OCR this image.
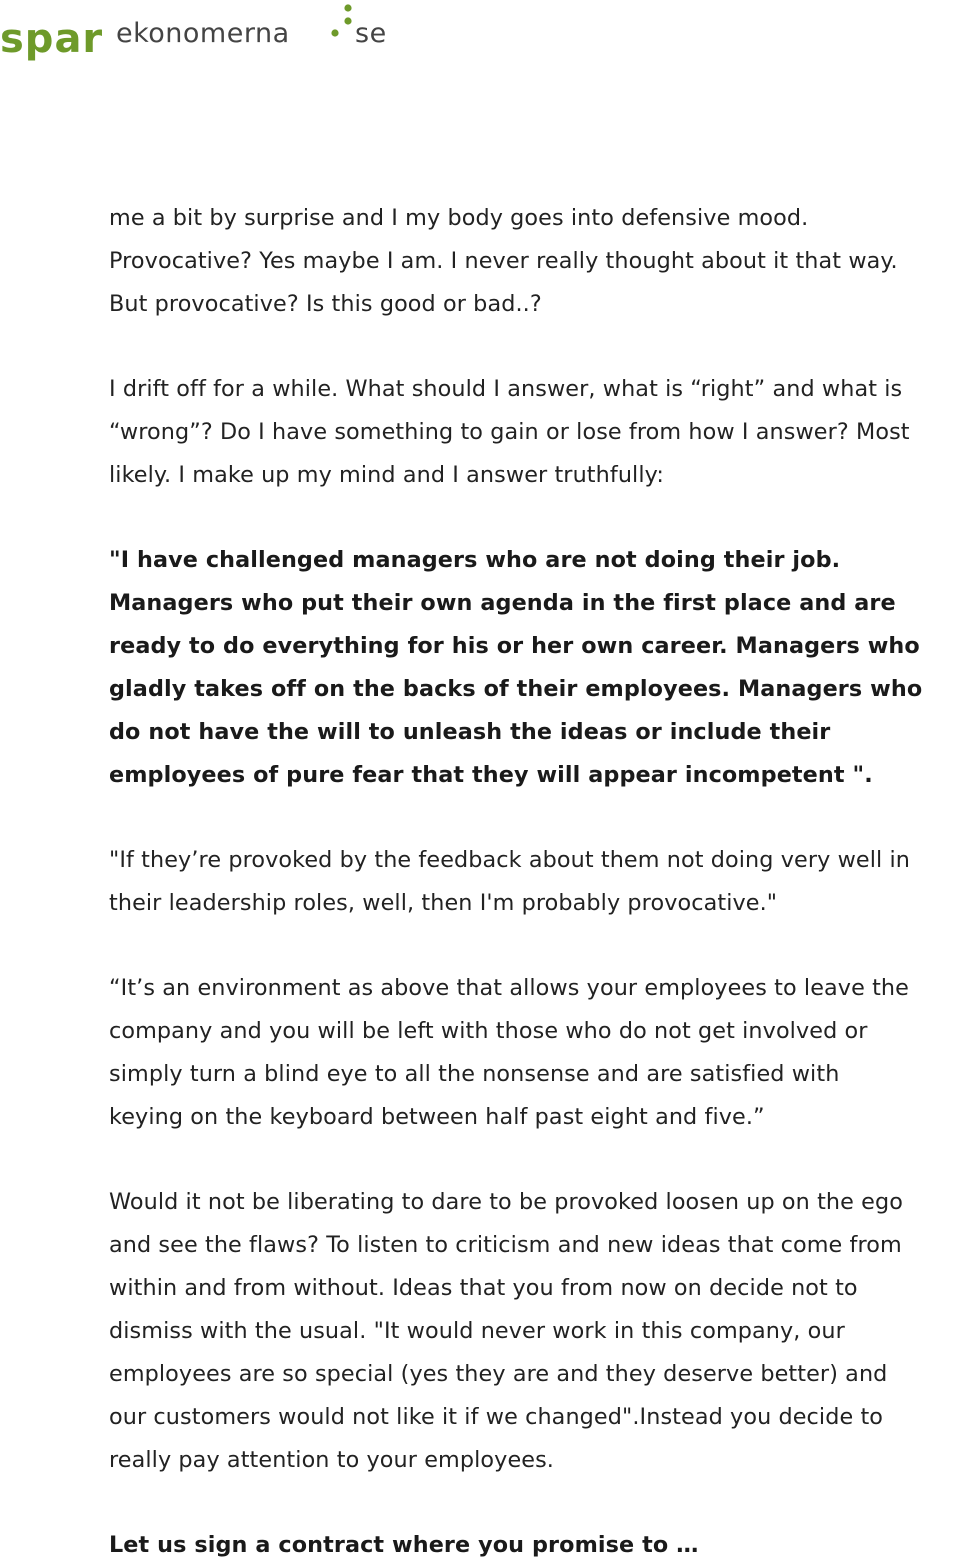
spar ekonomerna se

me a bit by surprise and I my body goes into defensive mood.
Provocative? Yes maybe I am. I never really thought about it that way.
But provocative? Is this good or bad..?

I drift off for a while. What should I answer, what is “right” and what is
“wrong”? Do I have something to gain or lose from how I answer? Most
likely. I make up my mind and I answer truthfully:

"I have challenged managers who are not doing their job.
Managers who put their own agenda in the first place and are
ready to do everything for his or her own career. Managers who
gladly takes off on the backs of their employees. Managers who
do not have the will to unleash the ideas or include their
employees of pure fear that they will appear incompetent ".

"If they’re provoked by the feedback about them not doing very well in
their leadership roles, well, then I'm probably provocative."

“It’s an environment as above that allows your employees to leave the
company and you will be left with those who do not get involved or
simply turn a blind eye to all the nonsense and are satisfied with
keying on the keyboard between half past eight and five.”

Would it not be liberating to dare to be provoked loosen up on the ego
and see the flaws? To listen to criticism and new ideas that come from
within and from without. Ideas that you from now on decide not to
dismiss with the usual. "It would never work in this company, our
employees are so special (yes they are and they deserve better) and
our customers would not like it if we changed".Instead you decide to
really pay attention to your employees.

Let us sign a contract where you promise to …
